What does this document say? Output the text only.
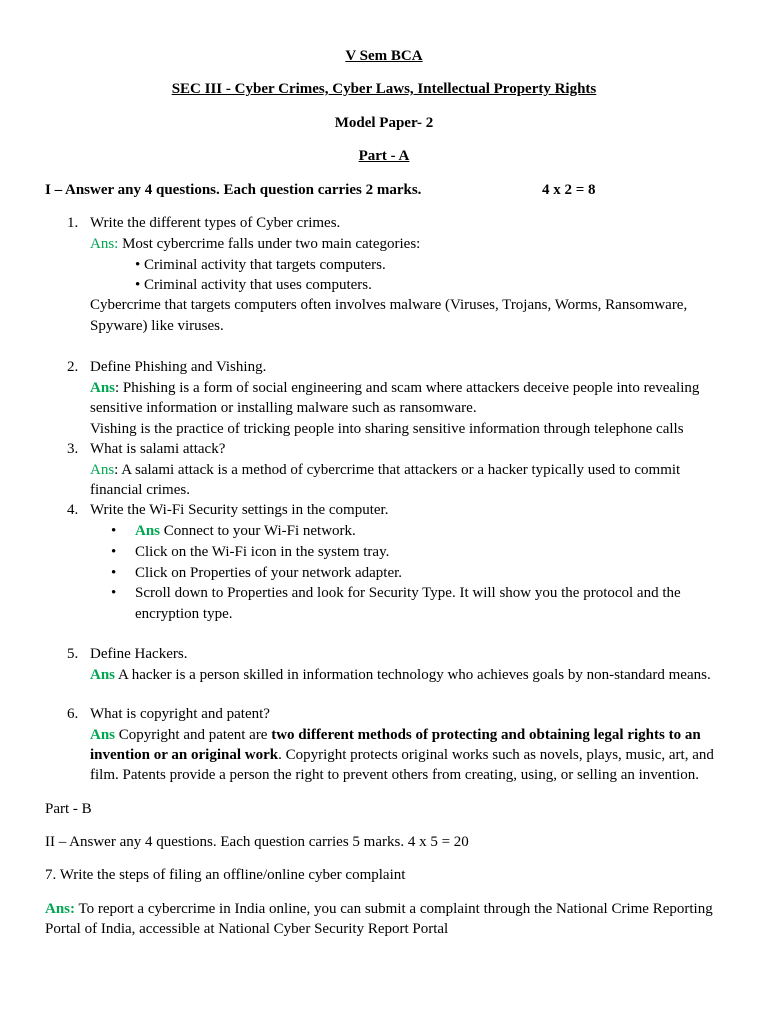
V Sem BCA
SEC III - Cyber Crimes, Cyber Laws, Intellectual Property Rights
Model Paper- 2
Part - A
I – Answer any 4 questions. Each question carries 2 marks.	4 x 2 = 8
1. Write the different types of Cyber crimes.
Ans: Most cybercrime falls under two main categories:
• Criminal activity that targets computers.
• Criminal activity that uses computers.
Cybercrime that targets computers often involves malware (Viruses, Trojans, Worms, Ransomware,
Spyware) like viruses.
2. Define Phishing and Vishing.
Ans: Phishing is a form of social engineering and scam where attackers deceive people into revealing
sensitive information or installing malware such as ransomware.
Vishing is the practice of tricking people into sharing sensitive information through telephone calls
3. What is salami attack?
Ans: A salami attack is a method of cybercrime that attackers or a hacker typically used to commit
financial crimes.
4. Write the Wi-Fi Security settings in the computer.
• Ans Connect to your Wi-Fi network.
• Click on the Wi-Fi icon in the system tray.
• Click on Properties of your network adapter.
• Scroll down to Properties and look for Security Type. It will show you the protocol and the
encryption type.
5. Define Hackers.
Ans A hacker is a person skilled in information technology who achieves goals by non-standard means.
6. What is copyright and patent?
Ans Copyright and patent are two different methods of protecting and obtaining legal rights to an
invention or an original work. Copyright protects original works such as novels, plays, music, art, and
film. Patents provide a person the right to prevent others from creating, using, or selling an invention.
Part - B
II – Answer any 4 questions. Each question carries 5 marks. 4 x 5 = 20
7. Write the steps of filing an offline/online cyber complaint
Ans: To report a cybercrime in India online, you can submit a complaint through the National Crime Reporting
Portal of India, accessible at National Cyber Security Report Portal
